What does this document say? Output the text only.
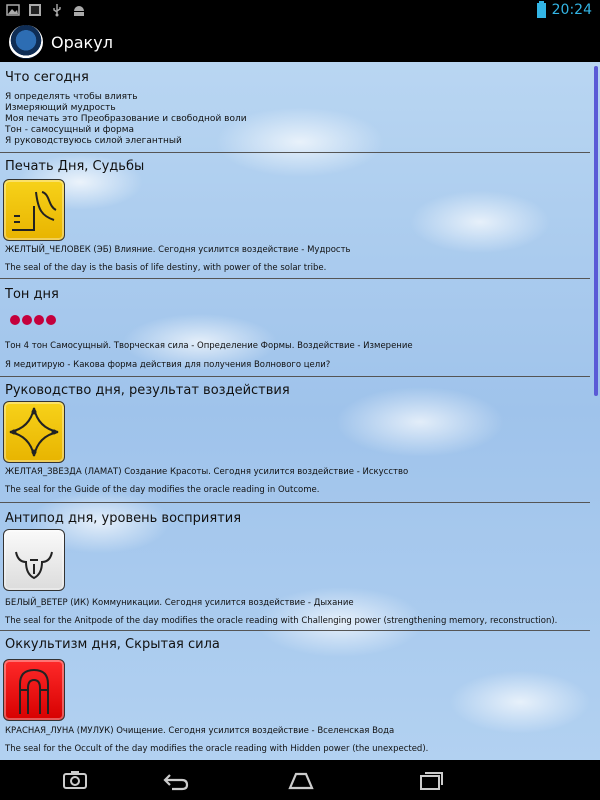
20:24
Оракул
Что сегодня
Я определять чтобы влиять
Измеряющий мудрость
Моя печать это Преобразование и свободной воли
Тон - самосущный и форма
Я руководствуюсь силой элегантный
Печать Дня, Судьбы
ЖЕЛТЫЙ_ЧЕЛОВЕК (ЭБ) Влияние. Сегодня усилится воздействие - Мудрость
The seal of the day is the basis of life destiny, with power of the solar tribe.
Тон дня
Тон 4 тон Самосущный. Творческая сила - Определение Формы. Воздействие - Измерение
Я медитирую - Какова форма действия для получения Волнового цели?
Руководство дня, результат воздействия
ЖЕЛТАЯ_ЗВЕЗДА (ЛАМАТ) Создание Красоты. Сегодня усилится воздействие - Искусство
The seal for the Guide of the day modifies the oracle reading in Outcome.
Антипод дня, уровень восприятия
БЕЛЫЙ_ВЕТЕР (ИК) Коммуникации. Сегодня усилится воздействие - Дыхание
The seal for the Anitpode of the day modifies the oracle reading with Challenging power (strengthening memory, reconstruction).
Оккультизм дня, Скрытая сила
КРАСНАЯ_ЛУНА (МУЛУК) Очищение. Сегодня усилится воздействие - Вселенская Вода
The seal for the Occult of the day modifies the oracle reading with Hidden power (the unexpected).
